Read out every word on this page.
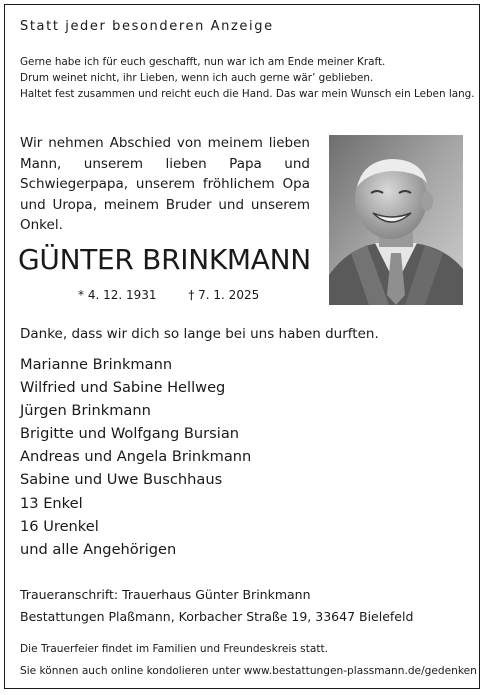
Statt jeder besonderen Anzeige
Gerne habe ich für euch geschafft, nun war ich am Ende meiner Kraft.
Drum weinet nicht, ihr Lieben, wenn ich auch gerne wär’ geblieben.
Haltet fest zusammen und reicht euch die Hand. Das war mein Wunsch ein Leben lang.
Wir nehmen Abschied von meinem lieben Mann, unserem lieben Papa und Schwiegerpapa, unserem fröhlichem Opa und Uropa, meinem Bruder und unserem Onkel.
GÜNTER BRINKMANN
* 4. 12. 1931	† 7. 1. 2025
Danke, dass wir dich so lange bei uns haben durften.
Marianne Brinkmann
Wilfried und Sabine Hellweg
Jürgen Brinkmann
Brigitte und Wolfgang Bursian
Andreas und Angela Brinkmann
Sabine und Uwe Buschhaus
13 Enkel
16 Urenkel
und alle Angehörigen
Traueranschrift: Trauerhaus Günter Brinkmann
Bestattungen Plaßmann, Korbacher Straße 19, 33647 Bielefeld
Die Trauerfeier findet im Familien und Freundeskreis statt.
Sie können auch online kondolieren unter www.bestattungen-plassmann.de/gedenken
